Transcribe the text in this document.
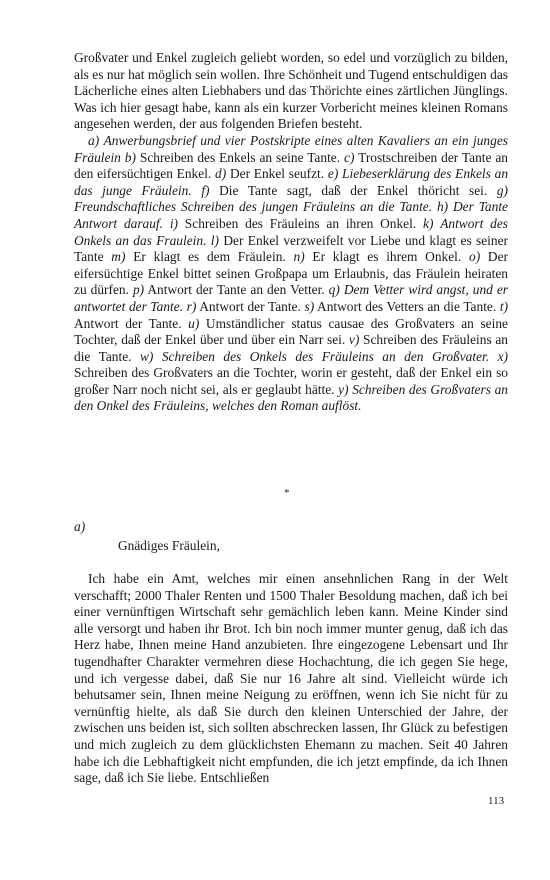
Großvater und Enkel zugleich geliebt worden, so edel und vorzüglich zu bilden, als es nur hat möglich sein wollen. Ihre Schönheit und Tugend entschuldigen das Lächerliche eines alten Liebhabers und das Thörichte eines zärtlichen Jünglings. Was ich hier gesagt habe, kann als ein kurzer Vorbericht meines kleinen Romans angesehen werden, der aus folgenden Briefen besteht.

a) Anwerbungsbrief und vier Postskripte eines alten Kavaliers an ein junges Fräulein b) Schreiben des Enkels an seine Tante. c) Trostschreiben der Tante an den eifersüchtigen Enkel. d) Der Enkel seufzt. e) Liebeserklärung des Enkels an das junge Fräulein. f) Die Tante sagt, daß der Enkel thöricht sei. g) Freundschaftliches Schreiben des jungen Fräuleins an die Tante. h) Der Tante Antwort darauf. i) Schreiben des Fräuleins an ihren Onkel. k) Antwort des Onkels an das Fraulein. l) Der Enkel verzweifelt vor Liebe und klagt es seiner Tante m) Er klagt es dem Fräulein. n) Er klagt es ihrem Onkel. o) Der eifersüchtige Enkel bittet seinen Großpapa um Erlaubnis, das Fräulein heiraten zu dürfen. p) Antwort der Tante an den Vetter. q) Dem Vetter wird angst, und er antwortet der Tante. r) Antwort der Tante. s) Antwort des Vetters an die Tante. t) Antwort der Tante. u) Umständlicher status causae des Großvaters an seine Tochter, daß der Enkel über und über ein Narr sei. v) Schreiben des Fräuleins an die Tante. w) Schreiben des Onkels des Fräuleins an den Großvater. x) Schreiben des Großvaters an die Tochter, worin er gesteht, daß der Enkel ein so großer Narr noch nicht sei, als er geglaubt hätte. y) Schreiben des Großvaters an den Onkel des Fräuleins, welches den Roman auflöst.

*
a)
Gnädiges Fräulein,

Ich habe ein Amt, welches mir einen ansehnlichen Rang in der Welt verschafft; 2000 Thaler Renten und 1500 Thaler Besoldung machen, daß ich bei einer vernünftigen Wirtschaft sehr gemächlich leben kann. Meine Kinder sind alle versorgt und haben ihr Brot. Ich bin noch immer munter genug, daß ich das Herz habe, Ihnen meine Hand anzubieten. Ihre eingezogene Lebensart und Ihr tugendhafter Charakter vermehren diese Hochachtung, die ich gegen Sie hege, und ich vergesse dabei, daß Sie nur 16 Jahre alt sind. Vielleicht würde ich behutsamer sein, Ihnen meine Neigung zu eröffnen, wenn ich Sie nicht für zu vernünftig hielte, als daß Sie durch den kleinen Unterschied der Jahre, der zwischen uns beiden ist, sich sollten abschrecken lassen, Ihr Glück zu befestigen und mich zugleich zu dem glücklichsten Ehemann zu machen. Seit 40 Jahren habe ich die Lebhaftigkeit nicht empfunden, die ich jetzt empfinde, da ich Ihnen sage, daß ich Sie liebe. Entschließen

113
